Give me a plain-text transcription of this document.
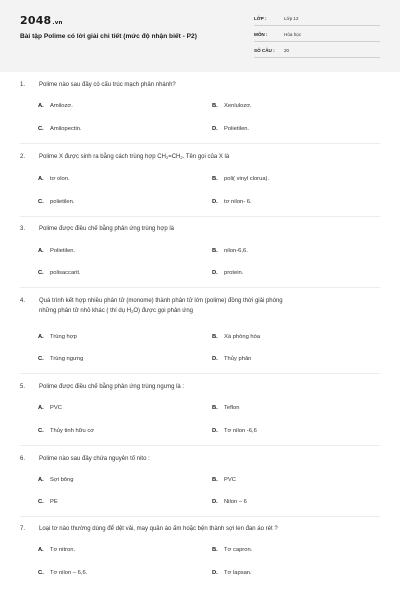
2048.vn
Bài tập Polime có lời giải chi tiết (mức độ nhận biết - P2)
LỚP :	Lớp 12
MÔN :	Hóa học
SỐ CÂU : 20
1. Polime nào sau đây có cấu trúc mạch phân nhánh?
A. Amilozơ.	B. Xenlulozơ.
C. Amilopectin.	D. Polietilen.
2. Polime X được sinh ra bằng cách trùng hợp $CH_2=CH_2$. Tên gọi của X là
A. tơ olon.	B. poli( vinyl clorua).
C. polietilen.	D. tơ nilon- 6.
3. Polime được điều chế bằng phản ứng trùng hợp là
A. Polietilen.	B. nilon-6,6.
C. polisaccarit.	D. protein.
4. Quá trình kết hợp nhiều phân tử (monome) thành phân tử lớn (polime) đồng thời giải phóng
những phân tử nhỏ khác ( thí dụ $H_2O$) được gọi phản ứng
A. Trùng hợp	B. Xà phòng hóa
C. Trùng ngưng	D. Thủy phân
5. Polime được điều chế bằng phản ứng trùng ngưng là :
A. PVC	B. Teflon
C. Thủy tinh hữu cơ	D. Tơ nilon -6,6
6. Polime nào sau đây chứa nguyên tố nito :
A. Sợi bông	B. PVC
C. PE	D. Nilon – 6
7. Loại tơ nào thường dùng để dệt vải, may quần áo ấm hoặc bện thành sợi len đan áo rét ?
A. Tơ nitron.	B. Tơ capron.
C. Tơ nilon – 6,6.	D. Tơ lapsan.
